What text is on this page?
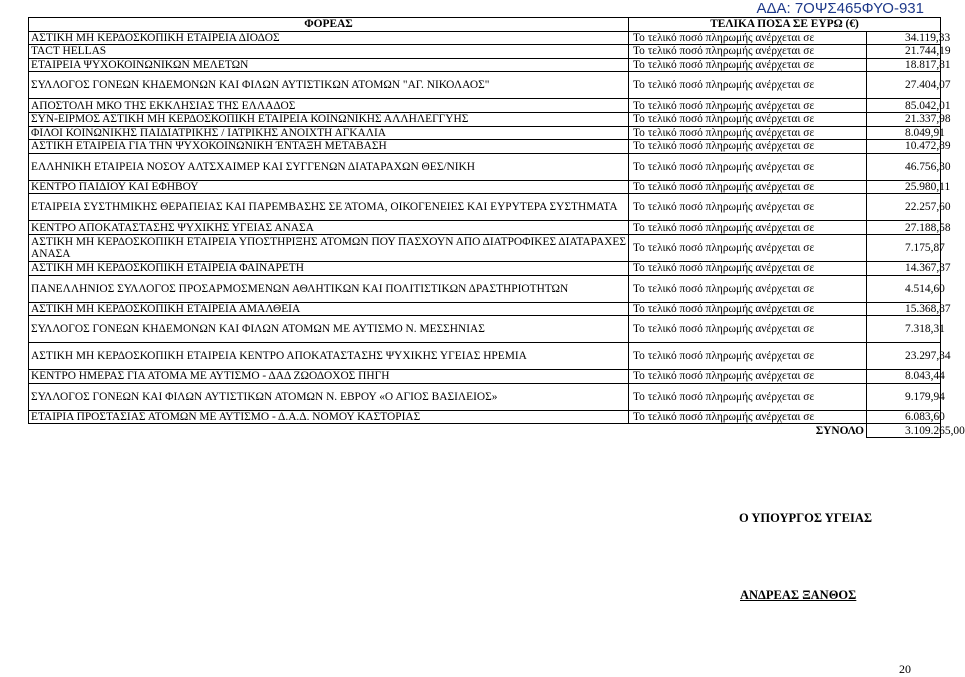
ΑΔΑ: 7ΟΨΣ465ΦΥΟ-931
ΦΟΡΕΑΣ	ΤΕΛΙΚΑ ΠΟΣΑ ΣΕ ΕΥΡΩ (€)	
ΑΣΤΙΚΗ ΜΗ ΚΕΡΔΟΣΚΟΠΙΚΗ ΕΤΑΙΡΕΙΑ ΔΙΟΔΟΣ	Το τελικό ποσό πληρωμής ανέρχεται σε	34.119,33
TACT HELLAS	Το τελικό ποσό πληρωμής ανέρχεται σε	21.744,19
ΕΤΑΙΡΕΙΑ ΨΥΧΟΚΟΙΝΩΝΙΚΩΝ ΜΕΛΕΤΩΝ	Το τελικό ποσό πληρωμής ανέρχεται σε	18.817,81
ΣΥΛΛΟΓΟΣ ΓΟΝΕΩΝ ΚΗΔΕΜΟΝΩΝ ΚΑΙ ΦΙΛΩΝ ΑΥΤΙΣΤΙΚΩΝ ΑΤΟΜΩΝ "ΑΓ. ΝΙΚΟΛΑΟΣ"	Το τελικό ποσό πληρωμής ανέρχεται σε	27.404,07
ΑΠΟΣΤΟΛΗ ΜΚΟ ΤΗΣ ΕΚΚΛΗΣΙΑΣ ΤΗΣ ΕΛΛΑΔΟΣ	Το τελικό ποσό πληρωμής ανέρχεται σε	85.042,01
ΣΥΝ-ΕΙΡΜΟΣ ΑΣΤΙΚΗ ΜΗ ΚΕΡΔΟΣΚΟΠΙΚΗ ΕΤΑΙΡΕΙΑ ΚΟΙΝΩΝΙΚΗΣ ΑΛΛΗΛΕΓΓΥΗΣ	Το τελικό ποσό πληρωμής ανέρχεται σε	21.337,98
ΦΙΛΟΙ ΚΟΙΝΩΝΙΚΗΣ ΠΑΙΔΙΑΤΡΙΚΗΣ / ΙΑΤΡΙΚΗΣ ΑΝΟΙΧΤΗ ΑΓΚΑΛΙΑ	Το τελικό ποσό πληρωμής ανέρχεται σε	8.049,91
ΑΣΤΙΚΗ ΕΤΑΙΡΕΙΑ ΓΙΑ ΤΗΝ ΨΥΧΟΚΟΙΝΩΝΙΚΗ ΈΝΤΑΞΗ ΜΕΤΑΒΑΣΗ	Το τελικό ποσό πληρωμής ανέρχεται σε	10.472,89
ΕΛΛΗΝΙΚΗ ΕΤΑΙΡΕΙΑ ΝΟΣΟΥ ΑΛΤΣΧΑΙΜΕΡ ΚΑΙ ΣΥΓΓΕΝΩΝ ΔΙΑΤΑΡΑΧΩΝ ΘΕΣ/ΝΙΚΗ	Το τελικό ποσό πληρωμής ανέρχεται σε	46.756,30
ΚΕΝΤΡΟ ΠΑΙΔΙΟΥ ΚΑΙ ΕΦΗΒΟΥ	Το τελικό ποσό πληρωμής ανέρχεται σε	25.980,11
ΕΤΑΙΡΕΙΑ ΣΥΣΤΗΜΙΚΗΣ ΘΕΡΑΠΕΙΑΣ ΚΑΙ ΠΑΡΕΜΒΑΣΗΣ ΣΕ ΆΤΟΜΑ, ΟΙΚΟΓΕΝΕΙΕΣ ΚΑΙ ΕΥΡΥΤΕΡΑ ΣΥΣΤΗΜΑΤΑ	Το τελικό ποσό πληρωμής ανέρχεται σε	22.257,60
ΚΕΝΤΡΟ ΑΠΟΚΑΤΑΣΤΑΣΗΣ ΨΥΧΙΚΗΣ ΥΓΕΙΑΣ ΑΝΑΣΑ	Το τελικό ποσό πληρωμής ανέρχεται σε	27.188,58
ΑΣΤΙΚΗ ΜΗ ΚΕΡΔΟΣΚΟΠΙΚΗ ΕΤΑΙΡΕΙΑ ΥΠΟΣΤΗΡΙΞΗΣ ΑΤΟΜΩΝ ΠΟΥ ΠΑΣΧΟΥΝ ΑΠΟ ΔΙΑΤΡΟΦΙΚΕΣ ΔΙΑΤΑΡΑΧΕΣ ΑΝΑΣΑ	Το τελικό ποσό πληρωμής ανέρχεται σε	7.175,87
ΑΣΤΙΚΗ ΜΗ ΚΕΡΔΟΣΚΟΠΙΚΗ ΕΤΑΙΡΕΙΑ ΦΑΙΝΑΡΕΤΗ	Το τελικό ποσό πληρωμής ανέρχεται σε	14.367,37
ΠΑΝΕΛΛΗΝΙΟΣ ΣΥΛΛΟΓΟΣ ΠΡΟΣΑΡΜΟΣΜΕΝΩΝ ΑΘΛΗΤΙΚΩΝ ΚΑΙ ΠΟΛΙΤΙΣΤΙΚΩΝ ΔΡΑΣΤΗΡΙΟΤΗΤΩΝ	Το τελικό ποσό πληρωμής ανέρχεται σε	4.514,60
ΑΣΤΙΚΗ ΜΗ ΚΕΡΔΟΣΚΟΠΙΚΗ ΕΤΑΙΡΕΙΑ ΑΜΑΛΘΕΙΑ	Το τελικό ποσό πληρωμής ανέρχεται σε	15.368,87
ΣΥΛΛΟΓΟΣ ΓΟΝΕΩΝ ΚΗΔΕΜΟΝΩΝ ΚΑΙ ΦΙΛΩΝ ΑΤΟΜΩΝ ΜΕ ΑΥΤΙΣΜΟ Ν. ΜΕΣΣΗΝΙΑΣ	Το τελικό ποσό πληρωμής ανέρχεται σε	7.318,31
ΑΣΤΙΚΗ ΜΗ ΚΕΡΔΟΣΚΟΠΙΚΗ ΕΤΑΙΡΕΙΑ ΚΕΝΤΡΟ ΑΠΟΚΑΤΑΣΤΑΣΗΣ ΨΥΧΙΚΗΣ ΥΓΕΙΑΣ ΗΡΕΜΙΑ	Το τελικό ποσό πληρωμής ανέρχεται σε	23.297,34
ΚΕΝΤΡΟ ΗΜΕΡΑΣ ΓΙΑ ΑΤΟΜΑ ΜΕ ΑΥΤΙΣΜΟ - ΔΑΔ ΖΩΟΔΟΧΟΣ ΠΗΓΗ	Το τελικό ποσό πληρωμής ανέρχεται σε	8.043,44
ΣΥΛΛΟΓΟΣ ΓΟΝΕΩΝ ΚΑΙ ΦΙΛΩΝ ΑΥΤΙΣΤΙΚΩΝ ΑΤΟΜΩΝ Ν. ΕΒΡΟΥ «Ο ΑΓΙΟΣ ΒΑΣΙΛΕΙΟΣ»	Το τελικό ποσό πληρωμής ανέρχεται σε	9.179,94
ΕΤΑΙΡΙΑ ΠΡΟΣΤΑΣΙΑΣ ΑΤΟΜΩΝ ΜΕ ΑΥΤΙΣΜΟ - Δ.Α.Δ. ΝΟΜΟΥ ΚΑΣΤΟΡΙΑΣ	Το τελικό ποσό πληρωμής ανέρχεται σε	6.083,60
	ΣΥΝΟΛΟ	3.109.265,00
Ο ΥΠΟΥΡΓΟΣ ΥΓΕΙΑΣ
ΑΝΔΡΕΑΣ ΞΑΝΘΟΣ
20
